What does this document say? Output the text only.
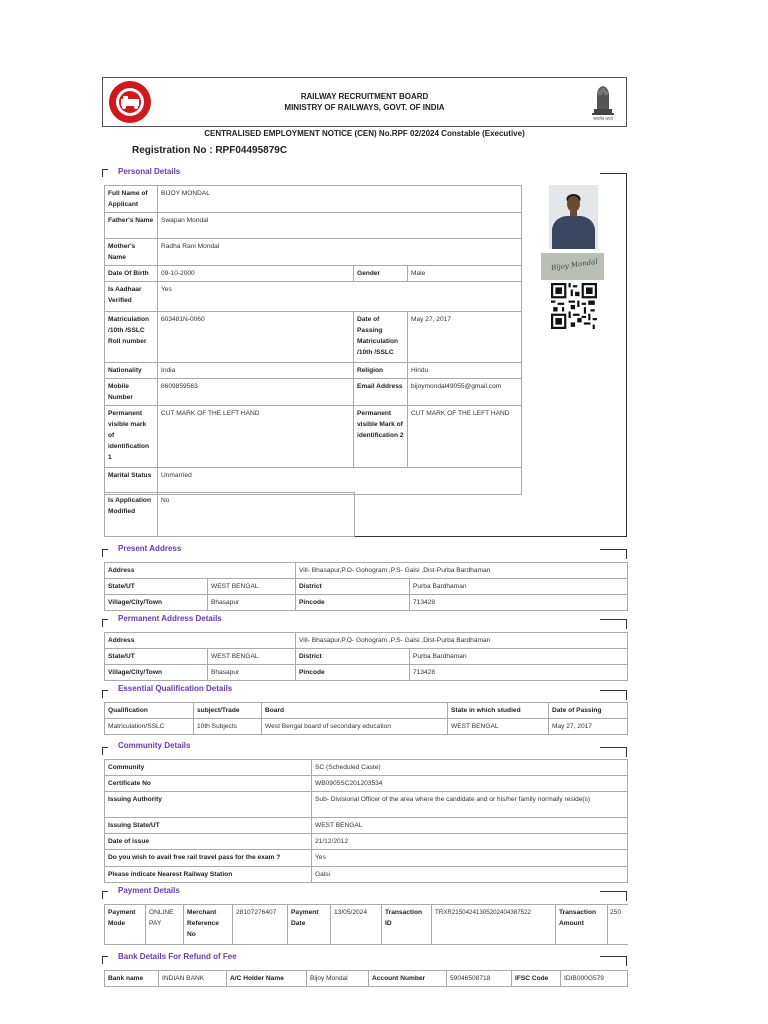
RAILWAY RECRUITMENT BOARD
MINISTRY OF RAILWAYS, GOVT. OF INDIA
सत्यमेव जयते
CENTRALISED EMPLOYMENT NOTICE (CEN) No.RPF 02/2024 Constable (Executive)
Registration No : RPF04495879C
Personal Details
Full Name of Applicant	BIJOY MONDAL		
Father's Name	Swapan Mondal		
Mother's Name	Radha Rani Mondal		
Date Of Birth	09-10-2000	Gender	Male
Is Aadhaar Verified	Yes		
Matriculation /10th /SSLC Roll number	603481N-0060	Date of Passing Matriculation /10th /SSLC	May 27, 2017
Nationality	India	Religion	Hindu
Mobile Number	8609859563	Email Address	bijoymondal49055@gmail.com
Permanent visible mark of identification 1	CUT MARK OF THE LEFT HAND	Permanent visible Mark of identification 2	CUT MARK OF THE LEFT HAND
Marital Status	Unmarried		
Is Application Modified	No
Bijoy Mondal
Present Address
Address		Vill- Bhasapur,P.O- Gohogram ,P.S- Galsi ,Dist-Purba Bardhaman	
State/UT	WEST BENGAL	District	Purba Bardhaman
Village/City/Town	Bhasapur	Pincode	713428
Permanent Address Details
Address		Vill- Bhasapur,P.O- Gohogram ,P.S- Galsi ,Dist-Purba Bardhaman	
State/UT	WEST BENGAL	District	Purba Bardhaman
Village/City/Town	Bhasapur	Pincode	713428
Essential Qualification Details
Qualification	subject/Trade	Board	State in which studied	Date of Passing
Matriculation/SSLC	10th Subjects	West Bengal board of secondary education	WEST BENGAL	May 27, 2017
Community Details
Community	SC (Scheduled Caste)
Certificate No	WB0905SC201203534
Issuing Authority	Sub- Divisional Officer of the area where the candidate and or his/her family normally reside(s)
Issuing State/UT	WEST BENGAL
Date of issue	21/12/2012
Do you wish to avail free rail travel pass for the exam ?	Yes
Please indicate Nearest Railway Station	Galsi
Payment Details
Payment Mode	ONLINE PAY	Merchant Reference No	28107276407	Payment Date	13/05/2024	Transaction ID	TRXR21504241305202404387522	Transaction Amount	250
Bank Details For Refund of Fee
Bank name	INDIAN BANK	A/C Holder Name	Bijoy Mondal	Account Number	59046508718	IFSC Code	IDIB000G579
